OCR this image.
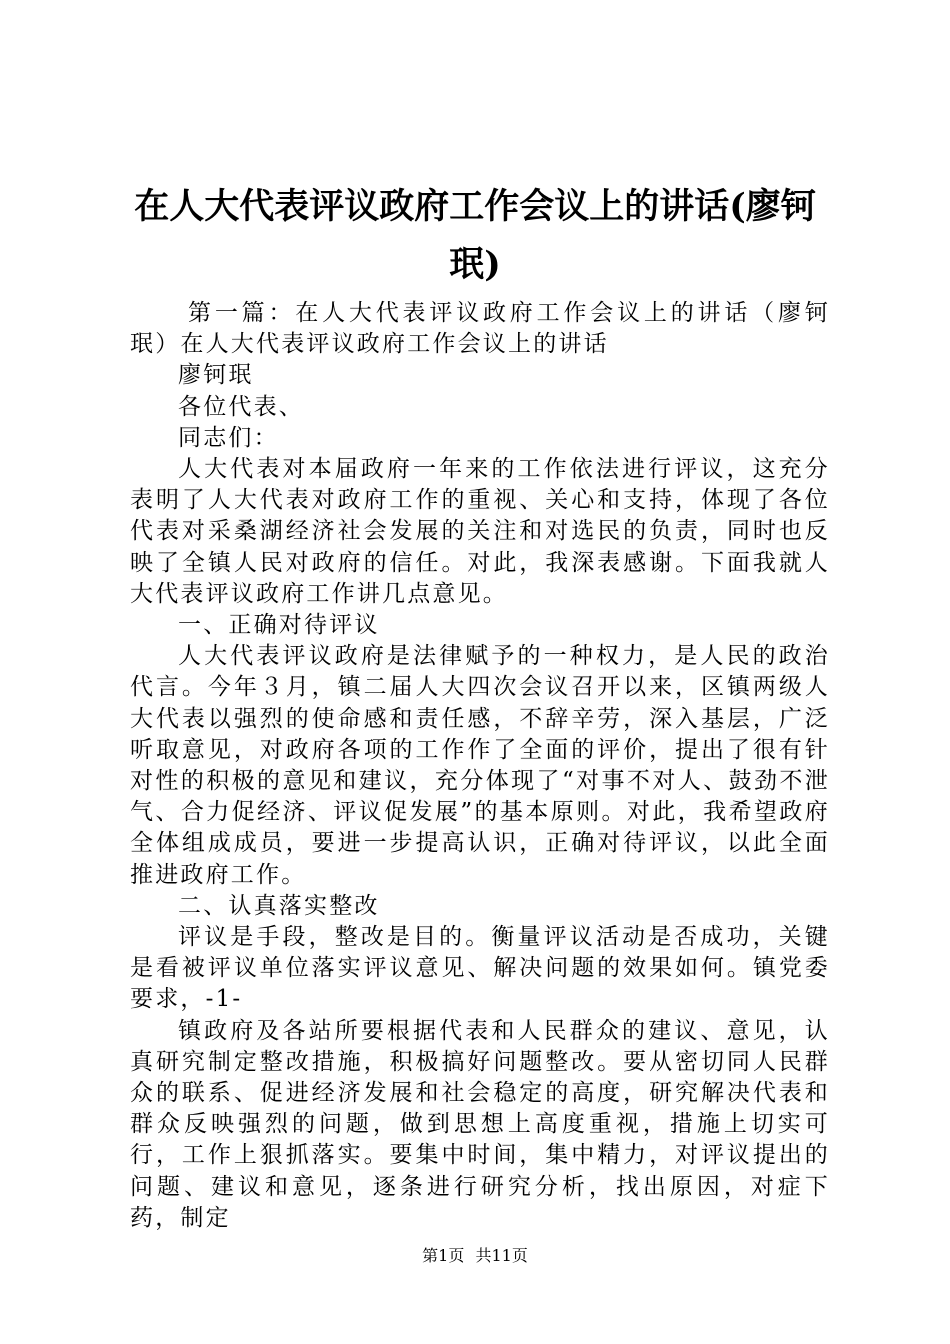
在人大代表评议政府工作会议上的讲话(廖钶珉)

第一篇：在人大代表评议政府工作会议上的讲话（廖钶珉）在人大代表评议政府工作会议上的讲话

廖钶珉

各位代表、

同志们：

人大代表对本届政府一年来的工作依法进行评议，这充分表明了人大代表对政府工作的重视、关心和支持，体现了各位代表对采桑湖经济社会发展的关注和对选民的负责，同时也反映了全镇人民对政府的信任。对此，我深表感谢。下面我就人大代表评议政府工作讲几点意见。

一、正确对待评议

人大代表评议政府是法律赋予的一种权力，是人民的政治代言。今年３月，镇二届人大四次会议召开以来，区镇两级人大代表以强烈的使命感和责任感，不辞辛劳，深入基层，广泛听取意见，对政府各项的工作作了全面的评价，提出了很有针对性的积极的意见和建议，充分体现了“对事不对人、鼓劲不泄气、合力促经济、评议促发展”的基本原则。对此，我希望政府全体组成成员，要进一步提高认识，正确对待评议，以此全面推进政府工作。

二、认真落实整改

评议是手段，整改是目的。衡量评议活动是否成功，关键是看被评议单位落实评议意见、解决问题的效果如何。镇党委要求，-1-

镇政府及各站所要根据代表和人民群众的建议、意见，认真研究制定整改措施，积极搞好问题整改。要从密切同人民群众的联系、促进经济发展和社会稳定的高度，研究解决代表和群众反映强烈的问题，做到思想上高度重视，措施上切实可行，工作上狠抓落实。要集中时间，集中精力，对评议提出的问题、建议和意见，逐条进行研究分析，找出原因，对症下药，制定

第1页 共11页
